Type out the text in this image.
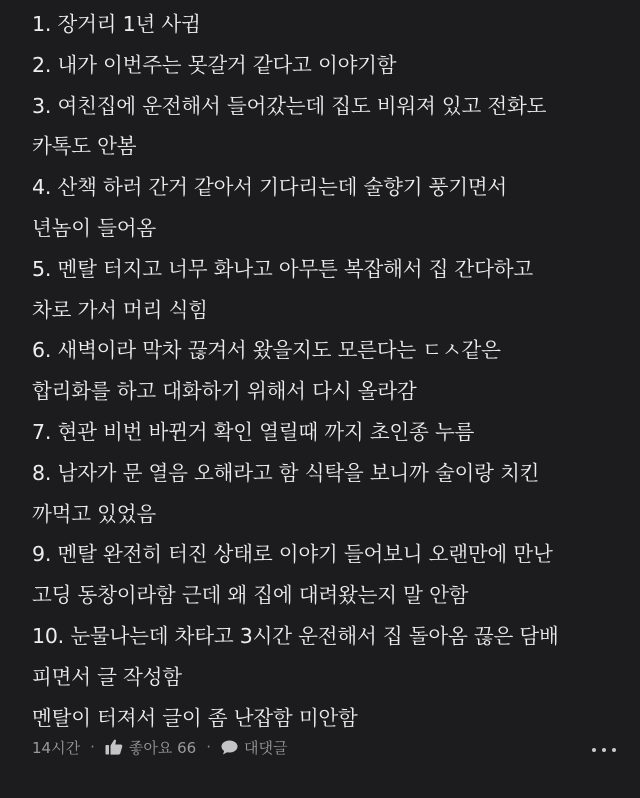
1. 장거리 1년 사귐
2. 내가 이번주는 못갈거 같다고 이야기함
3. 여친집에 운전해서 들어갔는데 집도 비워져 있고 전화도
카톡도 안봄
4. 산책 하러 간거 같아서 기다리는데 술향기 풍기면서
년놈이 들어옴
5. 멘탈 터지고 너무 화나고 아무튼 복잡해서 집 간다하고
차로 가서 머리 식힘
6. 새벽이라 막차 끊겨서 왔을지도 모른다는 ㄷㅅ같은
합리화를 하고 대화하기 위해서 다시 올라감
7. 현관 비번 바뀐거 확인 열릴때 까지 초인종 누름
8. 남자가 문 열음 오해라고 함 식탁을 보니까 술이랑 치킨
까먹고 있었음
9. 멘탈 완전히 터진 상태로 이야기 들어보니 오랜만에 만난
고딩 동창이라함 근데 왜 집에 대려왔는지 말 안함
10. 눈물나는데 차타고 3시간 운전해서 집 돌아옴 끊은 담배
피면서 글 작성함
멘탈이 터져서 글이 좀 난잡함 미안함
14시간 · 좋아요 66 · 대댓글
